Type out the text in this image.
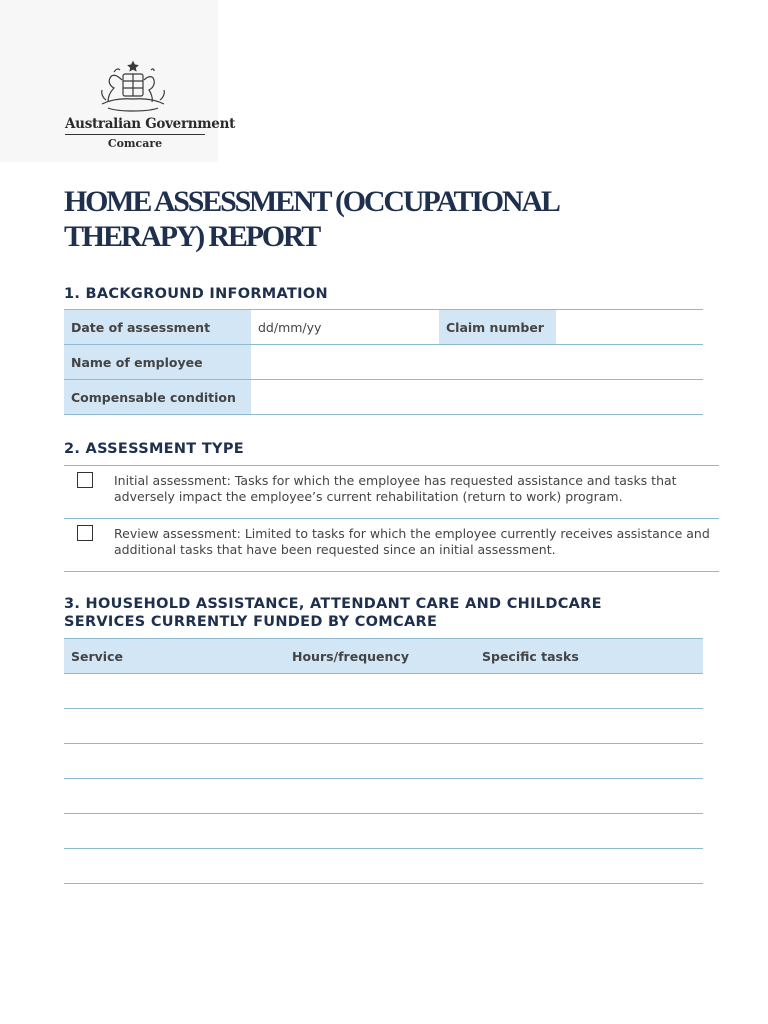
Australian Government
Comcare
HOME ASSESSMENT (OCCUPATIONAL
THERAPY) REPORT
1. BACKGROUND INFORMATION
Date of assessment	dd/mm/yy	Claim number	
Name of employee			
Compensable condition			
2. ASSESSMENT TYPE
Initial assessment: Tasks for which the employee has requested assistance and tasks that adversely impact the employee’s current rehabilitation (return to work) program.
Review assessment: Limited to tasks for which the employee currently receives assistance and additional tasks that have been requested since an initial assessment.
3. HOUSEHOLD ASSISTANCE, ATTENDANT CARE AND CHILDCARE
SERVICES CURRENTLY FUNDED BY COMCARE
Service	Hours/frequency	Specific tasks
